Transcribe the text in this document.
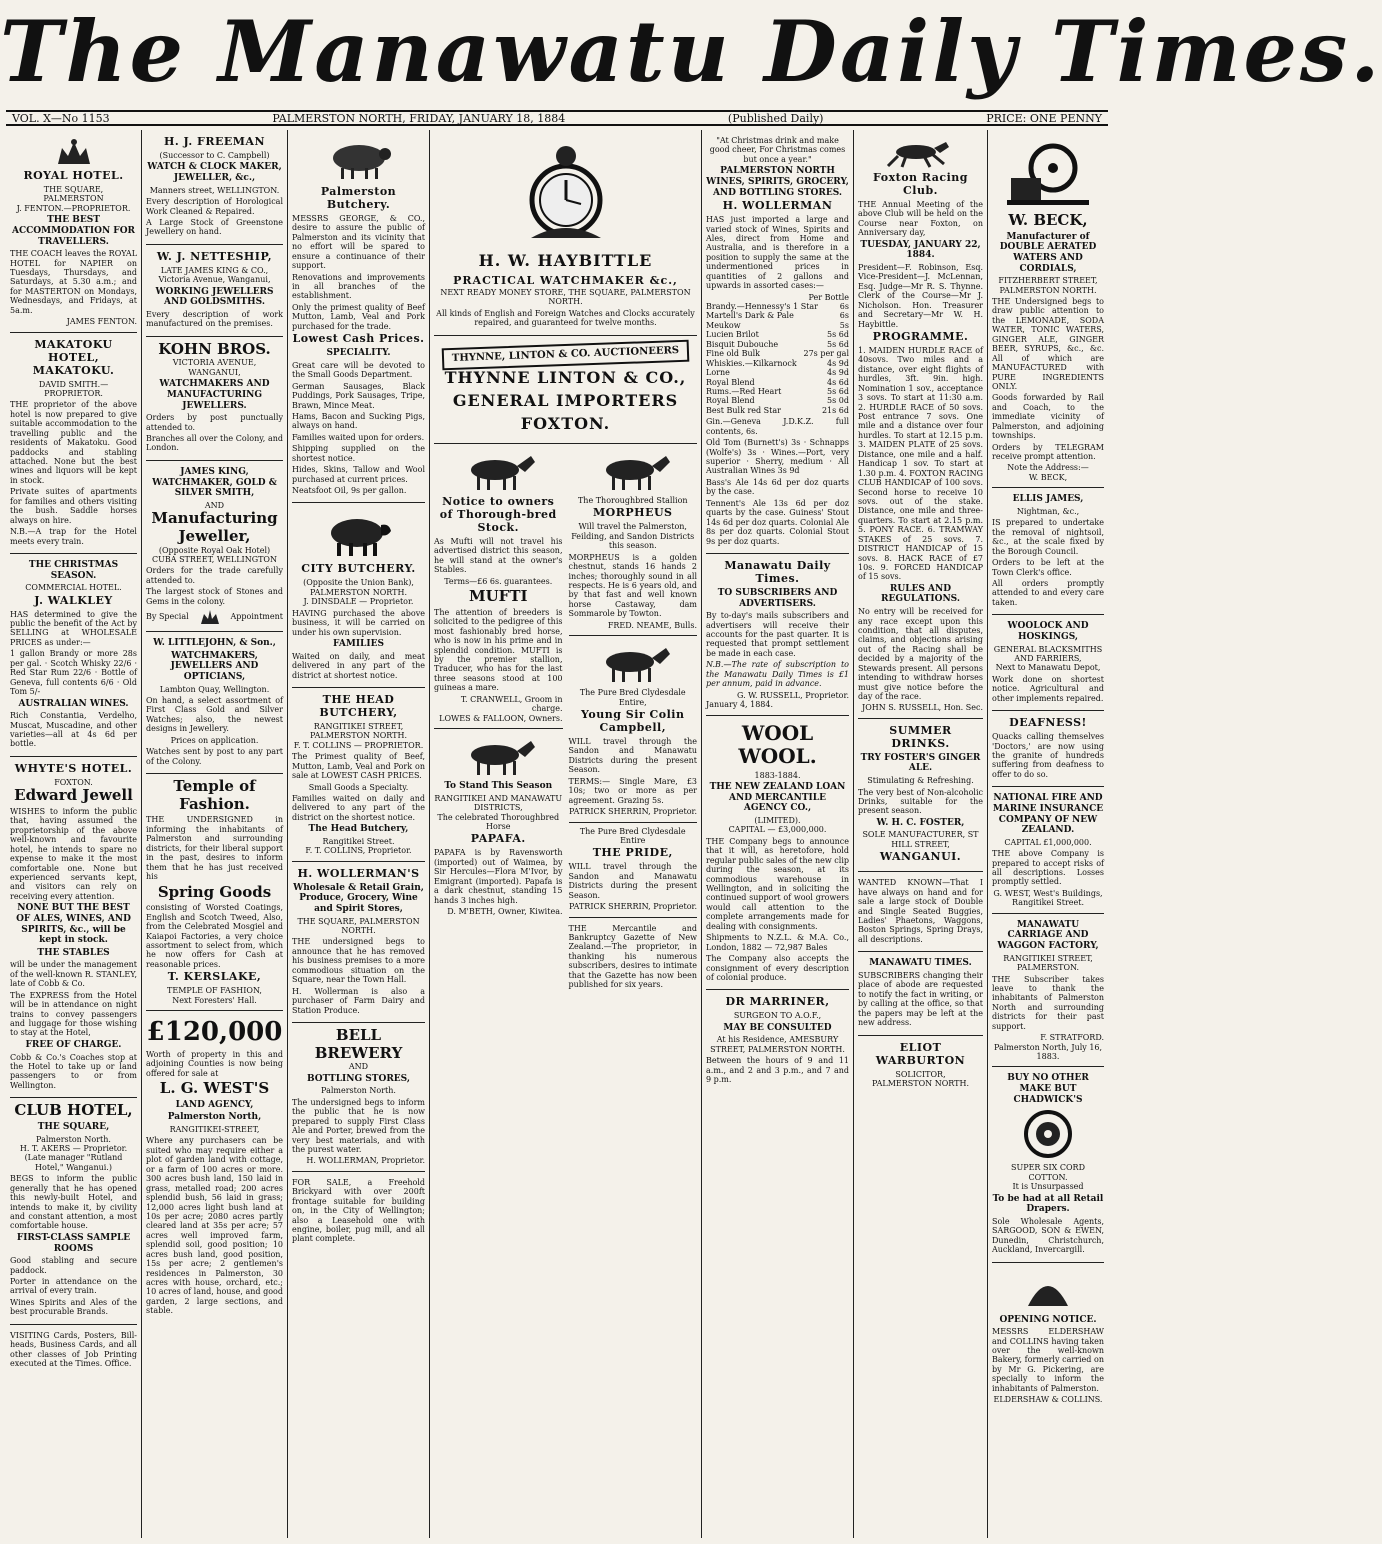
The Manawatu Daily Times.
VOL. X—No 1153	PALMERSTON NORTH, FRIDAY, JANUARY 18, 1884	(Published Daily)	PRICE: ONE PENNY
ROYAL HOTEL.
THE SQUARE,
PALMERSTON
J. FENTON.—PROPRIETOR.
THE BEST ACCOMMODATION FOR TRAVELLERS.

THE COACH leaves the ROYAL HOTEL for NAPIER on Tuesdays, Thursdays, and Saturdays, at 5.30 a.m.; and for MASTERTON on Mondays, Wednesdays, and Fridays, at 5a.m.

JAMES FENTON.
MAKATOKU HOTEL, MAKATOKU.
DAVID SMITH.—PROPRIETOR.

THE proprietor of the above hotel is now prepared to give suitable accommodation to the travelling public and the residents of Makatoku. Good paddocks and stabling attached. None but the best wines and liquors will be kept in stock.

Private suites of apartments for families and others visiting the bush. Saddle horses always on hire.

N.B.—A trap for the Hotel meets every train.

THE CHRISTMAS SEASON.
COMMERCIAL HOTEL.
J. WALKLEY

HAS determined to give the public the benefit of the Act by SELLING at WHOLESALE PRICES as under:—

1 gallon Brandy or more 28s per gal. · Scotch Whisky 22/6 · Red Star Rum 22/6 · Bottle of Geneva, full contents 6/6 · Old Tom 5/-

AUSTRALIAN WINES.

Rich Constantia, Verdelho, Muscat, Muscadine, and other varieties—all at 4s 6d per bottle.

WHYTE'S HOTEL.
FOXTON.
Edward Jewell

WISHES to inform the public that, having assumed the proprietorship of the above well-known and favourite hotel, he intends to spare no expense to make it the most comfortable one. None but experienced servants kept, and visitors can rely on receiving every attention.

NONE BUT THE BEST OF ALES, WINES, AND SPIRITS, &c., will be kept in stock.
THE STABLES

will be under the management of the well-known R. STANLEY, late of Cobb & Co.

The EXPRESS from the Hotel will be in attendance on night trains to convey passengers and luggage for those wishing to stay at the Hotel,

FREE OF CHARGE.

Cobb & Co.'s Coaches stop at the Hotel to take up or land passengers to or from Wellington.

CLUB HOTEL,
THE SQUARE,
Palmerston North.
H. T. AKERS — Proprietor.
(Late manager "Rutland Hotel," Wanganui.)

BEGS to inform the public generally that he has opened this newly-built Hotel, and intends to make it, by civility and constant attention, a most comfortable house.

FIRST-CLASS SAMPLE ROOMS

Good stabling and secure paddock.

Porter in attendance on the arrival of every train.

Wines Spirits and Ales of the best procurable Brands.

VISITING Cards, Posters, Bill-heads, Business Cards, and all other classes of Job Printing executed at the Times. Office.

H. J. FREEMAN
(Successor to C. Campbell)
WATCH & CLOCK MAKER, JEWELLER, &c.,
Manners street, WELLINGTON.

Every description of Horological Work Cleaned & Repaired.

A Large Stock of Greenstone Jewellery on hand.

W. J. NETTESHIP,
LATE JAMES KING & CO.,
Victoria Avenue, Wanganui,
WORKING JEWELLERS AND GOLDSMITHS.

Every description of work manufactured on the premises.

KOHN BROS.
VICTORIA AVENUE, WANGANUI,
WATCHMAKERS AND MANUFACTURING JEWELLERS.

Orders by post punctually attended to.

Branches all over the Colony, and London.

JAMES KING, WATCHMAKER, GOLD & SILVER SMITH,
AND
Manufacturing Jeweller,
(Opposite Royal Oak Hotel)
CUBA STREET, WELLINGTON

Orders for the trade carefully attended to.

The largest stock of Stones and Gems in the colony.

By Special	Appointment
W. LITTLEJOHN, & Son.,
WATCHMAKERS, JEWELLERS AND OPTICIANS,
Lambton Quay, Wellington.

On hand, a select assortment of First Class Gold and Silver Watches; also, the newest designs in Jewellery.

Prices on application.

Watches sent by post to any part of the Colony.

Temple of Fashion.

THE UNDERSIGNED in informing the inhabitants of Palmerston and surrounding districts, for their liberal support in the past, desires to inform them that he has just received his

Spring Goods

consisting of Worsted Coatings, English and Scotch Tweed, Also, from the Celebrated Mosgiel and Kaiapoi Factories, a very choice assortment to select from, which he now offers for Cash at reasonable prices.

T. KERSLAKE,
TEMPLE OF FASHION,
Next Foresters' Hall.
£120,000

Worth of property in this and adjoining Counties is now being offered for sale at

L. G. WEST'S
LAND AGENCY,
Palmerston North,
RANGITIKEI-STREET,

Where any purchasers can be suited who may require either a plot of garden land with cottage, or a farm of 100 acres or more. 300 acres bush land, 150 laid in grass, metalled road; 200 acres splendid bush, 56 laid in grass; 12,000 acres light bush land at 10s per acre; 2080 acres partly cleared land at 35s per acre; 57 acres well improved farm, splendid soil, good position; 10 acres bush land, good position, 15s per acre; 2 gentlemen's residences in Palmerston, 30 acres with house, orchard, etc.; 10 acres of land, house, and good garden, 2 large sections, and stable.

Palmerston Butchery.

MESSRS GEORGE, & CO., desire to assure the public of Palmerston and its vicinity that no effort will be spared to ensure a continuance of their support.

Renovations and improvements in all branches of the establishment.

Only the primest quality of Beef Mutton, Lamb, Veal and Pork purchased for the trade.

Lowest Cash Prices.
SPECIALITY.

Great care will be devoted to the Small Goods Department.

German Sausages, Black Puddings, Pork Sausages, Tripe, Brawn, Mince Meat.

Hams, Bacon and Sucking Pigs, always on hand.

Families waited upon for orders.

Shipping supplied on the shortest notice.

Hides, Skins, Tallow and Wool purchased at current prices.

Neatsfoot Oil, 9s per gallon.

CITY BUTCHERY.
(Opposite the Union Bank),
PALMERSTON NORTH.
J. DINSDALE — Proprietor.

HAVING purchased the above business, it will be carried on under his own supervision.

FAMILIES

Waited on daily, and meat delivered in any part of the district at shortest notice.

THE HEAD BUTCHERY,
RANGITIKEI STREET, PALMERSTON NORTH.
F. T. COLLINS — PROPRIETOR.

The Primest quality of Beef, Mutton, Lamb, Veal and Pork on sale at LOWEST CASH PRICES.

Small Goods a Specialty.

Families waited on daily and delivered to any part of the district on the shortest notice.

The Head Butchery,
Rangitikei Street.
F. T. COLLINS, Proprietor.
H. WOLLERMAN'S
Wholesale & Retail Grain, Produce, Grocery, Wine and Spirit Stores,
THE SQUARE, PALMERSTON NORTH.

THE undersigned begs to announce that he has removed his business premises to a more commodious situation on the Square, near the Town Hall.

H. Wollerman is also a purchaser of Farm Dairy and Station Produce.

BELL BREWERY
AND
BOTTLING STORES,
Palmerston North.

The undersigned begs to inform the public that he is now prepared to supply First Class Ale and Porter, brewed from the very best materials, and with the purest water.

H. WOLLERMAN, Proprietor.

FOR SALE, a Freehold Brickyard with over 200ft frontage suitable for building on, in the City of Wellington; also a Leasehold one with engine, boiler, pug mill, and all plant complete.

H. W. HAYBITTLE
PRACTICAL WATCHMAKER &c.,
NEXT READY MONEY STORE, THE SQUARE, PALMERSTON NORTH.

All kinds of English and Foreign Watches and Clocks accurately repaired, and guaranteed for twelve months.

THYNNE, LINTON & CO. AUCTIONEERS
THYNNE LINTON & CO.,
GENERAL IMPORTERS
FOXTON.
Notice to owners of Thorough-bred Stock.

As Mufti will not travel his advertised district this season, he will stand at the owner's Stables.

Terms—£6 6s. guarantees.

MUFTI

The attention of breeders is solicited to the pedigree of this most fashionably bred horse, who is now in his prime and in splendid condition. MUFTI is by the premier stallion, Traducer, who has for the last three seasons stood at 100 guineas a mare.

T. CRANWELL, Groom in charge.
LOWES & FALLOON, Owners.
To Stand This Season
RANGITIKEI AND MANAWATU DISTRICTS,
The celebrated Thoroughbred Horse
PAPAFA.

PAPAFA is by Ravensworth (imported) out of Waimea, by Sir Hercules—Flora M'Ivor, by Emigrant (imported). Papafa is a dark chestnut, standing 15 hands 3 inches high.

D. M'BETH, Owner, Kiwitea.
The Thoroughbred Stallion
MORPHEUS
Will travel the Palmerston, Feilding, and Sandon Districts this season.

MORPHEUS is a golden chestnut, stands 16 hands 2 inches; thoroughly sound in all respects. He is 6 years old, and by that fast and well known horse Castaway, dam Sommarole by Towton.

FRED. NEAME, Bulls.
The Pure Bred Clydesdale Entire,
Young Sir Colin Campbell,

WILL travel through the Sandon and Manawatu Districts during the present Season.

TERMS:— Single Mare, £3 10s; two or more as per agreement. Grazing 5s.

PATRICK SHERRIN, Proprietor.
The Pure Bred Clydesdale Entire
THE PRIDE,

WILL travel through the Sandon and Manawatu Districts during the present Season.

PATRICK SHERRIN, Proprietor.

THE Mercantile and Bankruptcy Gazette of New Zealand.—The proprietor, in thanking his numerous subscribers, desires to intimate that the Gazette has now been published for six years.

"At Christmas drink and make good cheer, For Christmas comes but once a year."

PALMERSTON NORTH WINES, SPIRITS, GROCERY, AND BOTTLING STORES.
H. WOLLERMAN

HAS just imported a large and varied stock of Wines, Spirits and Ales, direct from Home and Australia, and is therefore in a position to supply the same at the undermentioned prices in quantities of 2 gallons and upwards in assorted cases:—

Per Bottle
Brandy.—Hennessy's 1 Star	6s
Martell's Dark & Pale	6s
Meukow	5s
Lucien Brilot	5s 6d
Bisquit Dubouche	5s 6d
Fine old Bulk	27s per gal
Whiskies.—Kilkarnock	4s 9d
Lorne	4s 9d
Royal Blend	4s 6d
Rums.—Red Heart	5s 6d
Royal Blend	5s 0d
Best Bulk red Star	21s 6d

Gin.—Geneva J.D.K.Z. full contents, 6s.

Old Tom (Burnett's) 3s · Schnapps (Wolfe's) 3s · Wines.—Port, very superior · Sherry, medium · All Australian Wines 3s 9d

Bass's Ale 14s 6d per doz quarts by the case.

Tennent's Ale 13s 6d per doz quarts by the case. Guiness' Stout 14s 6d per doz quarts. Colonial Ale 8s per doz quarts. Colonial Stout 9s per doz quarts.

Manawatu Daily Times.
TO SUBSCRIBERS AND ADVERTISERS.

By to-day's mails subscribers and advertisers will receive their accounts for the past quarter. It is requested that prompt settlement be made in each case.

N.B.—The rate of subscription to the Manawatu Daily Times is £1 per annum, paid in advance.

G. W. RUSSELL, Proprietor.
January 4, 1884.
WOOL WOOL.
1883-1884.
THE NEW ZEALAND LOAN AND MERCANTILE AGENCY CO.,
(LIMITED).
CAPITAL — £3,000,000.

THE Company begs to announce that it will, as heretofore, hold regular public sales of the new clip during the season, at its commodious warehouse in Wellington, and in soliciting the continued support of wool growers would call attention to the complete arrangements made for dealing with consignments.

Shipments to N.Z.L. & M.A. Co., London, 1882 — 72,987 Bales

The Company also accepts the consignment of every description of colonial produce.

DR MARRINER,
SURGEON TO A.O.F.,
MAY BE CONSULTED
At his Residence, AMESBURY STREET, PALMERSTON NORTH.

Between the hours of 9 and 11 a.m., and 2 and 3 p.m., and 7 and 9 p.m.

Foxton Racing Club.

THE Annual Meeting of the above Club will be held on the Course near Foxton, on Anniversary day,

TUESDAY, JANUARY 22, 1884.

President—F. Robinson, Esq. Vice-President—J. McLennan, Esq. Judge—Mr R. S. Thynne. Clerk of the Course—Mr J. Nicholson. Hon. Treasurer and Secretary—Mr W. H. Haybittle.

PROGRAMME.

1. MAIDEN HURDLE RACE of 40sovs. Two miles and a distance, over eight flights of hurdles, 3ft. 9in. high. Nomination 1 sov., acceptance 3 sovs. To start at 11:30 a.m. 2. HURDLE RACE of 50 sovs. Post entrance 7 sovs. One mile and a distance over four hurdles. To start at 12.15 p.m. 3. MAIDEN PLATE of 25 sovs. Distance, one mile and a half. Handicap 1 sov. To start at 1.30 p.m. 4. FOXTON RACING CLUB HANDICAP of 100 sovs. Second horse to receive 10 sovs. out of the stake. Distance, one mile and three-quarters. To start at 2.15 p.m. 5. PONY RACE. 6. TRAMWAY STAKES of 25 sovs. 7. DISTRICT HANDICAP of 15 sovs. 8. HACK RACE of £7 10s. 9. FORCED HANDICAP of 15 sovs.

RULES AND REGULATIONS.

No entry will be received for any race except upon this condition, that all disputes, claims, and objections arising out of the Racing shall be decided by a majority of the Stewards present. All persons intending to withdraw horses must give notice before the day of the race.

JOHN S. RUSSELL, Hon. Sec.
SUMMER DRINKS.
TRY FOSTER'S GINGER ALE.
Stimulating & Refreshing.

The very best of Non-alcoholic Drinks, suitable for the present season.

W. H. C. FOSTER,
SOLE MANUFACTURER, ST HILL STREET,
WANGANUI.

WANTED KNOWN—That I have always on hand and for sale a large stock of Double and Single Seated Buggies, Ladies' Phaetons, Waggons, Boston Springs, Spring Drays, all descriptions.

MANAWATU TIMES.

SUBSCRIBERS changing their place of abode are requested to notify the fact in writing, or by calling at the office, so that the papers may be left at the new address.

ELIOT WARBURTON
SOLICITOR,
PALMERSTON NORTH.
W. BECK,
Manufacturer of DOUBLE AERATED WATERS AND CORDIALS,
FITZHERBERT STREET, PALMERSTON NORTH.

THE Undersigned begs to draw public attention to the LEMONADE, SODA WATER, TONIC WATERS, GINGER ALE, GINGER BEER, SYRUPS, &c., &c. All of which are MANUFACTURED with PURE INGREDIENTS ONLY.

Goods forwarded by Rail and Coach, to the immediate vicinity of Palmerston, and adjoining townships.

Orders by TELEGRAM receive prompt attention.

Note the Address:—
W. BECK,
ELLIS JAMES,
Nightman, &c.,

IS prepared to undertake the removal of nightsoil, &c., at the scale fixed by the Borough Council.

Orders to be left at the Town Clerk's office.

All orders promptly attended to and every care taken.

WOOLOCK AND HOSKINGS,
GENERAL BLACKSMITHS AND FARRIERS,
Next to Manawatu Depot,

Work done on shortest notice. Agricultural and other implements repaired.

DEAFNESS!

Quacks calling themselves 'Doctors,' are now using the granite of hundreds suffering from deafness to offer to do so.

NATIONAL FIRE AND MARINE INSURANCE COMPANY OF NEW ZEALAND.
CAPITAL £1,000,000.

THE above Company is prepared to accept risks of all descriptions. Losses promptly settled.

G. WEST, West's Buildings, Rangitikei Street.
MANAWATU CARRIAGE AND WAGGON FACTORY,
RANGITIKEI STREET, PALMERSTON.

THE Subscriber takes leave to thank the inhabitants of Palmerston North and surrounding districts for their past support.

F. STRATFORD.
Palmerston North, July 16, 1883.
BUY NO OTHER MAKE BUT CHADWICK'S
SUPER SIX CORD COTTON.
It is Unsurpassed
To be had at all Retail Drapers.

Sole Wholesale Agents, SARGOOD, SON & EWEN, Dunedin, Christchurch, Auckland, Invercargill.

OPENING NOTICE.

MESSRS ELDERSHAW and COLLINS having taken over the well-known Bakery, formerly carried on by Mr G. Pickering, are specially to inform the inhabitants of Palmerston.

ELDERSHAW & COLLINS.
